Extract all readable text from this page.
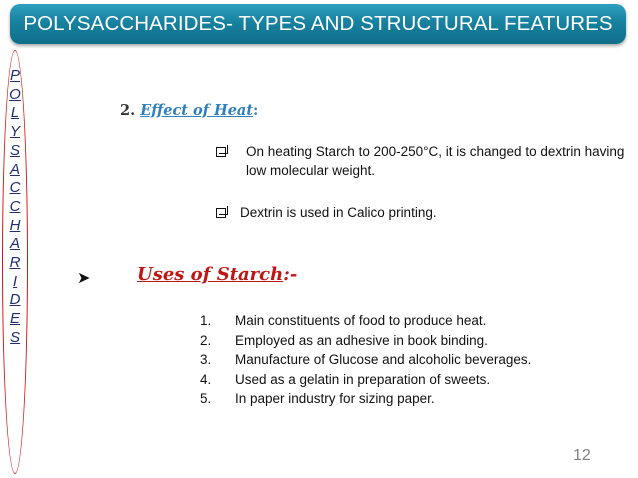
POLYSACCHARIDES- TYPES AND STRUCTURAL FEATURES
P
O
L
Y
S
A
C
C
H
A
R
I
D
E
S
2. Effect of Heat:
On heating Starch to 200-250°C, it is changed to dextrin having low molecular weight.
Dextrin is used in Calico printing.
➤	Uses of Starch:-
1. Main constituents of food to produce heat.
2. Employed as an adhesive in book binding.
3. Manufacture of Glucose and alcoholic beverages.
4. Used as a gelatin in preparation of sweets.
5. In paper industry for sizing paper.
12
